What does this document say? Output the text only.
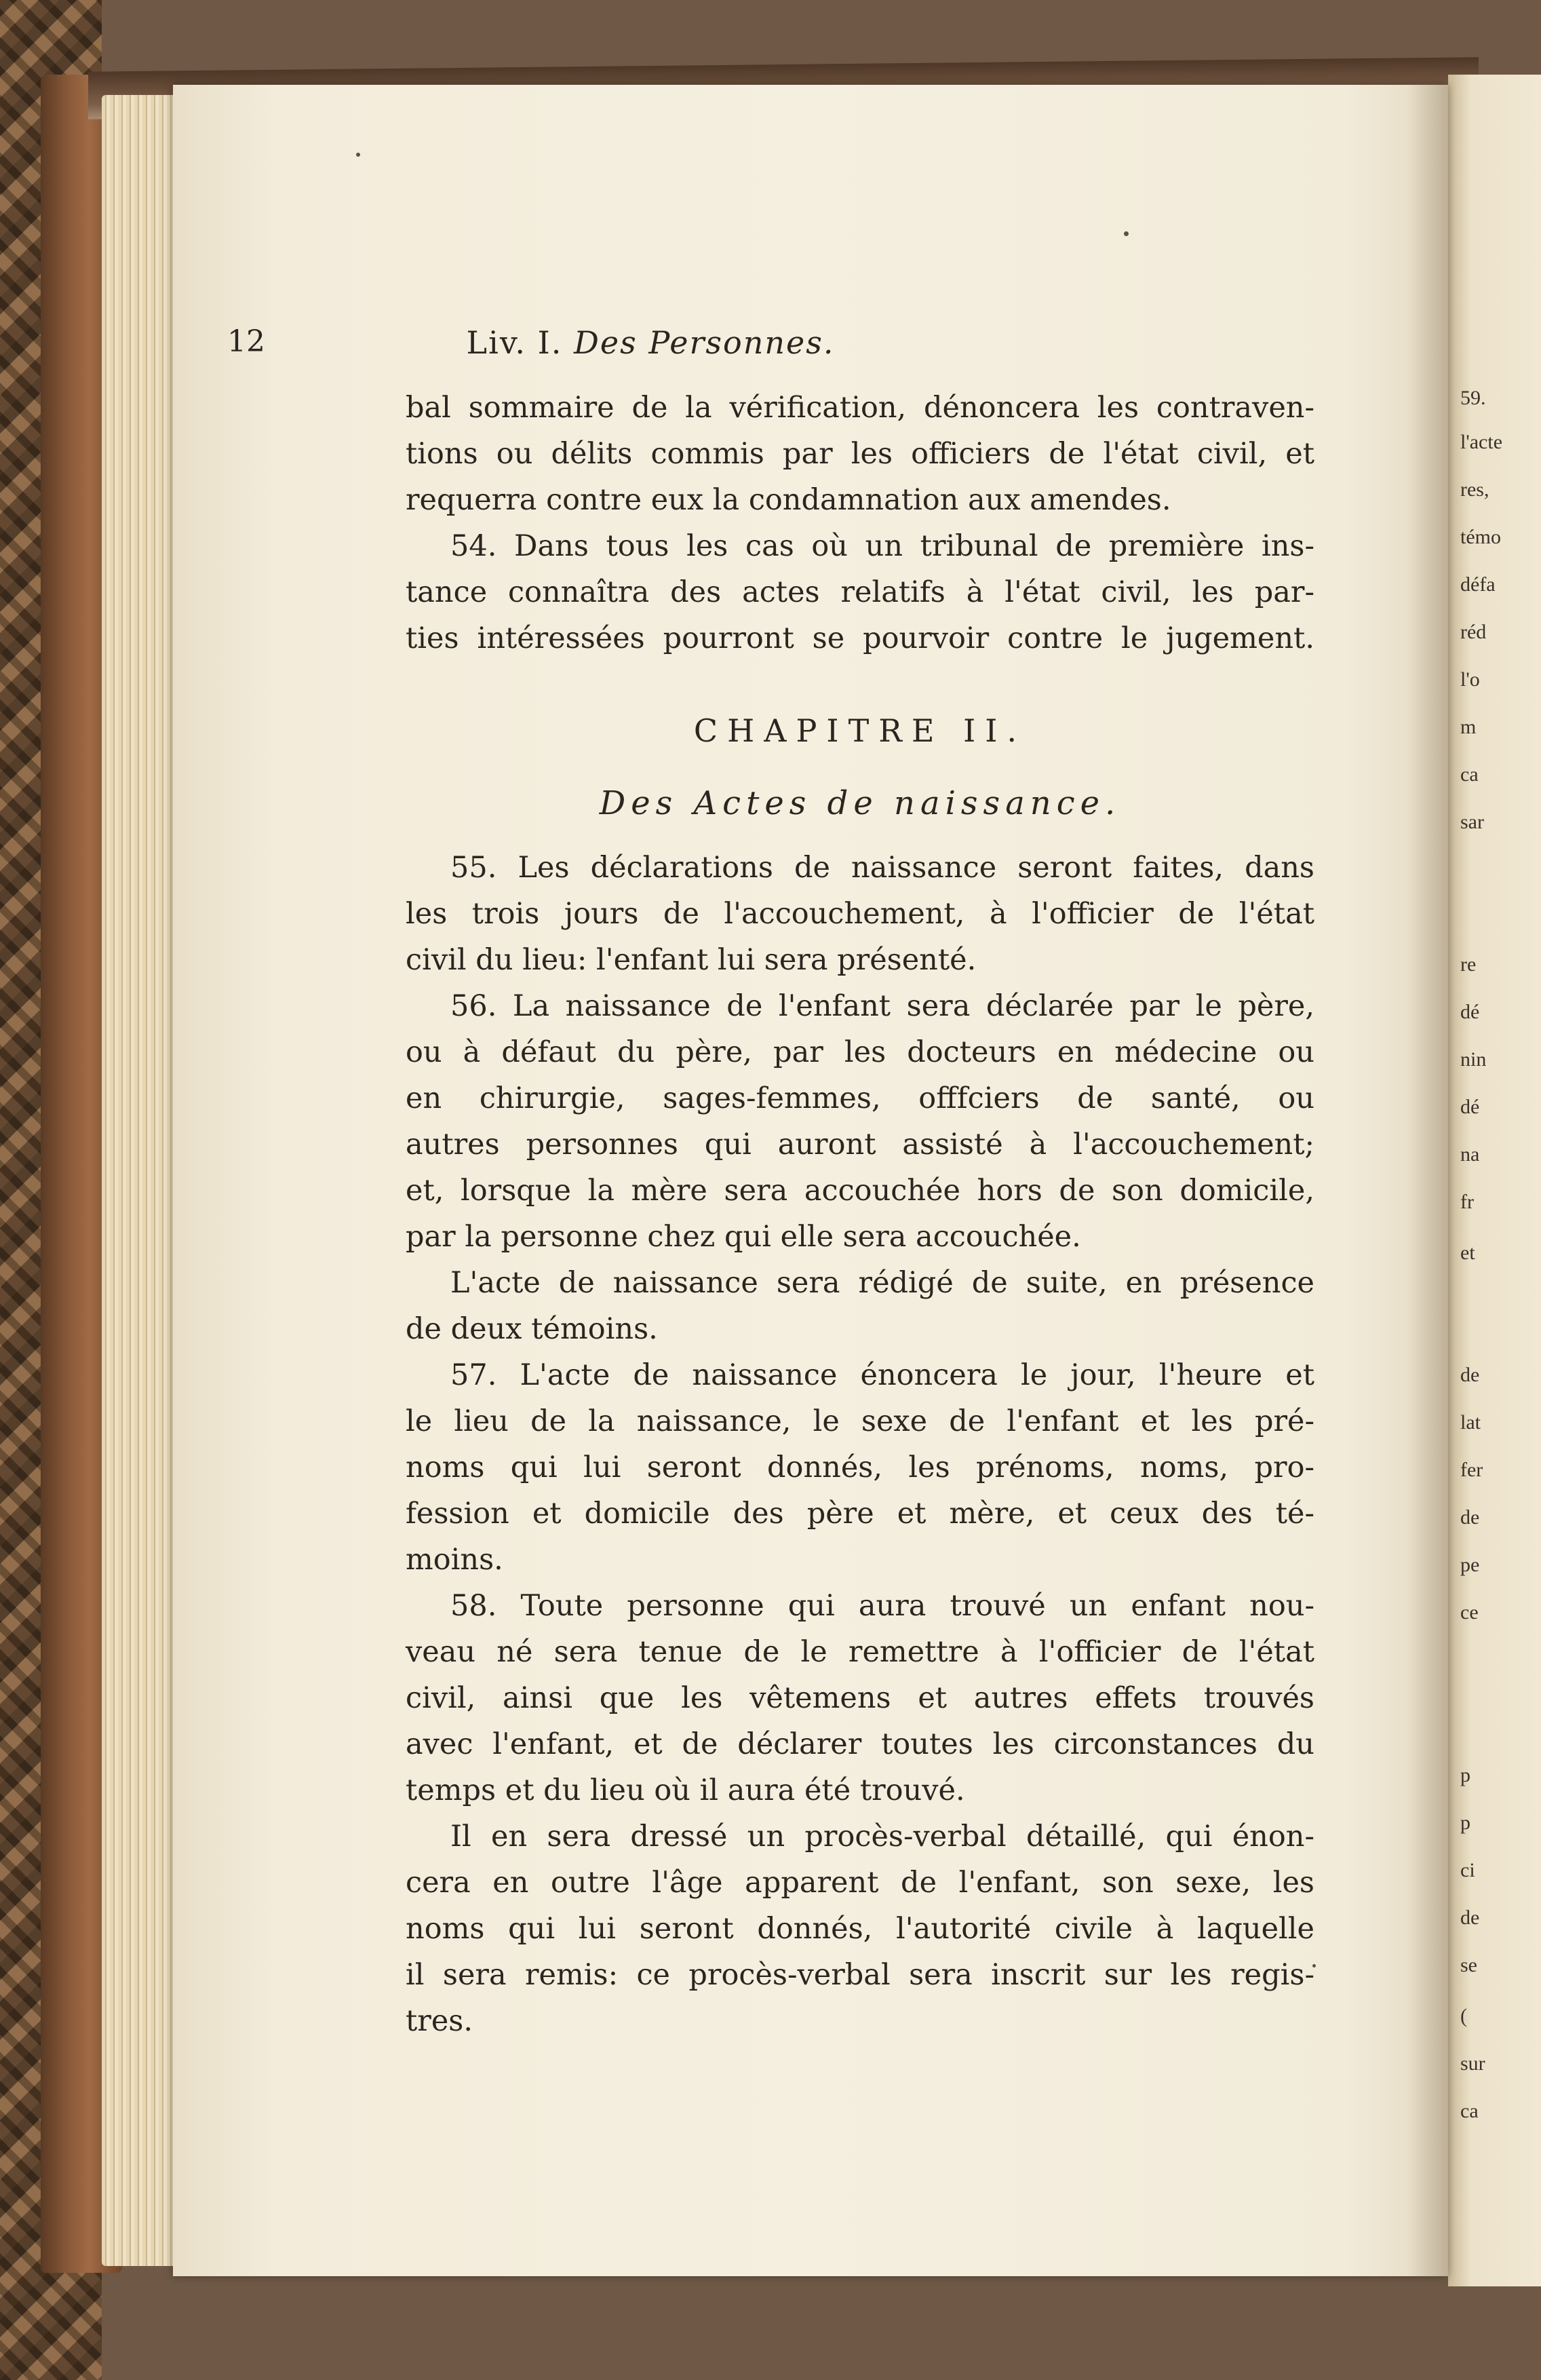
59.
l'acte
res,
témo
défa
réd
l'o
m
ca
sar
re
dé
nin
dé
na
fr
et
de
lat
fer
de
pe
ce
p
p
ci
de
se
(
sur
ca
12	Liv. I. Des Personnes.
bal sommaire de la vérification, dénoncera les contraven-
tions ou délits commis par les officiers de l'état civil, et
requerra contre eux la condamnation aux amendes.
54. Dans tous les cas où un tribunal de première ins-
tance connaîtra des actes relatifs à l'état civil, les par-
ties intéressées pourront se pourvoir contre le jugement.
CHAPITRE II.
Des Actes de naissance.
55. Les déclarations de naissance seront faites, dans
les trois jours de l'accouchement, à l'officier de l'état
civil du lieu: l'enfant lui sera présenté.
56. La naissance de l'enfant sera déclarée par le père,
ou à défaut du père, par les docteurs en médecine ou
en chirurgie, sages-femmes, offfciers de santé, ou
autres personnes qui auront assisté à l'accouchement;
et, lorsque la mère sera accouchée hors de son domicile,
par la personne chez qui elle sera accouchée.
L'acte de naissance sera rédigé de suite, en présence
de deux témoins.
57. L'acte de naissance énoncera le jour, l'heure et
le lieu de la naissance, le sexe de l'enfant et les pré-
noms qui lui seront donnés, les prénoms, noms, pro-
fession et domicile des père et mère, et ceux des té-
moins.
58. Toute personne qui aura trouvé un enfant nou-
veau né sera tenue de le remettre à l'officier de l'état
civil, ainsi que les vêtemens et autres effets trouvés
avec l'enfant, et de déclarer toutes les circonstances du
temps et du lieu où il aura été trouvé.
Il en sera dressé un procès-verbal détaillé, qui énon-
cera en outre l'âge apparent de l'enfant, son sexe, les
noms qui lui seront donnés, l'autorité civile à laquelle
il sera remis: ce procès-verbal sera inscrit sur les regis-
tres.
